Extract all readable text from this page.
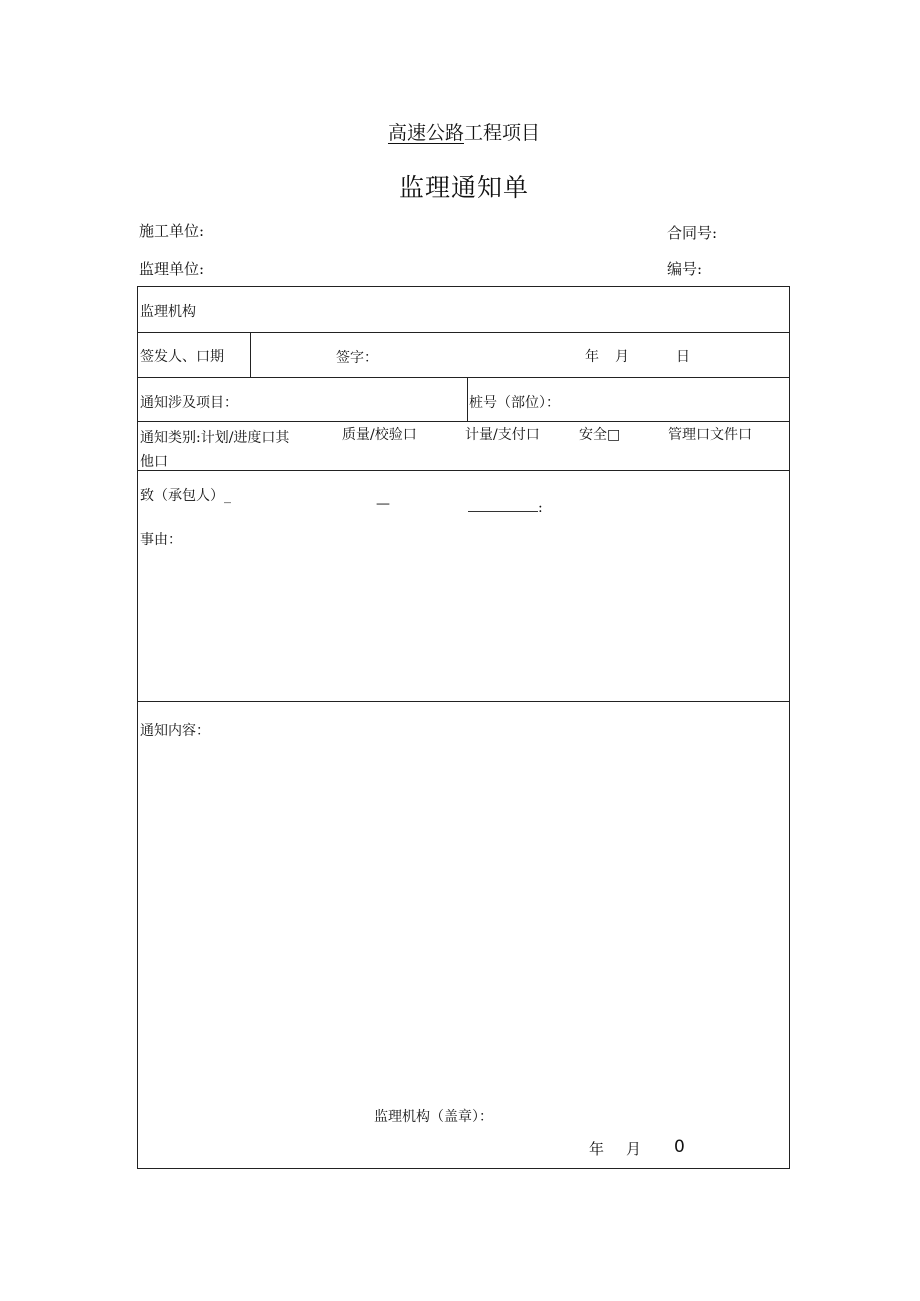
高速公路工程项目
监理通知单
施工单位:	合同号:
监理单位:	编号:
监理机构
签发人、口期	签字：	年 月	日
通知涉及项目：	桩号（部位）：
通知类别:计划/进度口其
他口
质量/校验口	计量/支付口	安全□	管理口文件口
致（承包人）_	—	:
事由：
通知内容：
监理机构（盖章）：
年 月 0
